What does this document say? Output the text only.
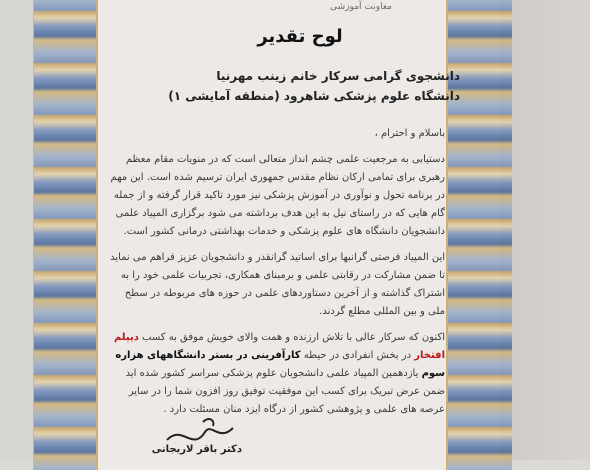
معاونت آموزشی
لوح تقدیر
دانشجوی گرامی سرکار خانم زینب مهرنیا
دانشگاه علوم پزشکی شاهرود (منطقه آمایشی ۱)
باسلام و احترام ،
دستیابی به مرجعیت علمی چشم انداز متعالی است که در منویات مقام معظم رهبری برای تمامی ارکان نظام مقدس جمهوری ایران ترسیم شده است. این مهم در برنامه تحول و نوآوری در آموزش پزشکی نیز مورد تاکید قرار گرفته و از جمله گام هایی که در راستای نیل به این هدف برداشته می شود برگزاری المپیاد علمی دانشجویان دانشگاه های علوم پزشکی و خدمات بهداشتی درمانی کشور است.
این المپیاد فرصتی گرانبها برای اساتید گرانقدر و دانشجویان عزیز فراهم می نماید تا ضمن مشارکت در رقابتی علمی و برمبنای همکاری، تجربیات علمی خود را به اشتراک گذاشته و از آخرین دستاوردهای علمی در حوزه های مربوطه در سطح ملی و بین المللی مطلع گردند.
اکنون که سرکار عالی با تلاش ارزنده و همت والای خویش موفق به کسب دیپلم افتخار در بخش انفرادی در حیطه کارآفرینی در بستر دانشگاههای هزاره سوم یازدهمین المپیاد علمی دانشجویان علوم پزشکی سراسر کشور شده اید ضمن عرض تبریک برای کسب این موفقیت توفیق روز افزون شما را در سایر عرصه های علمی و پژوهشی کشور از درگاه ایزد منان مسئلت دارد .
دکتر باقر لاریجانی
